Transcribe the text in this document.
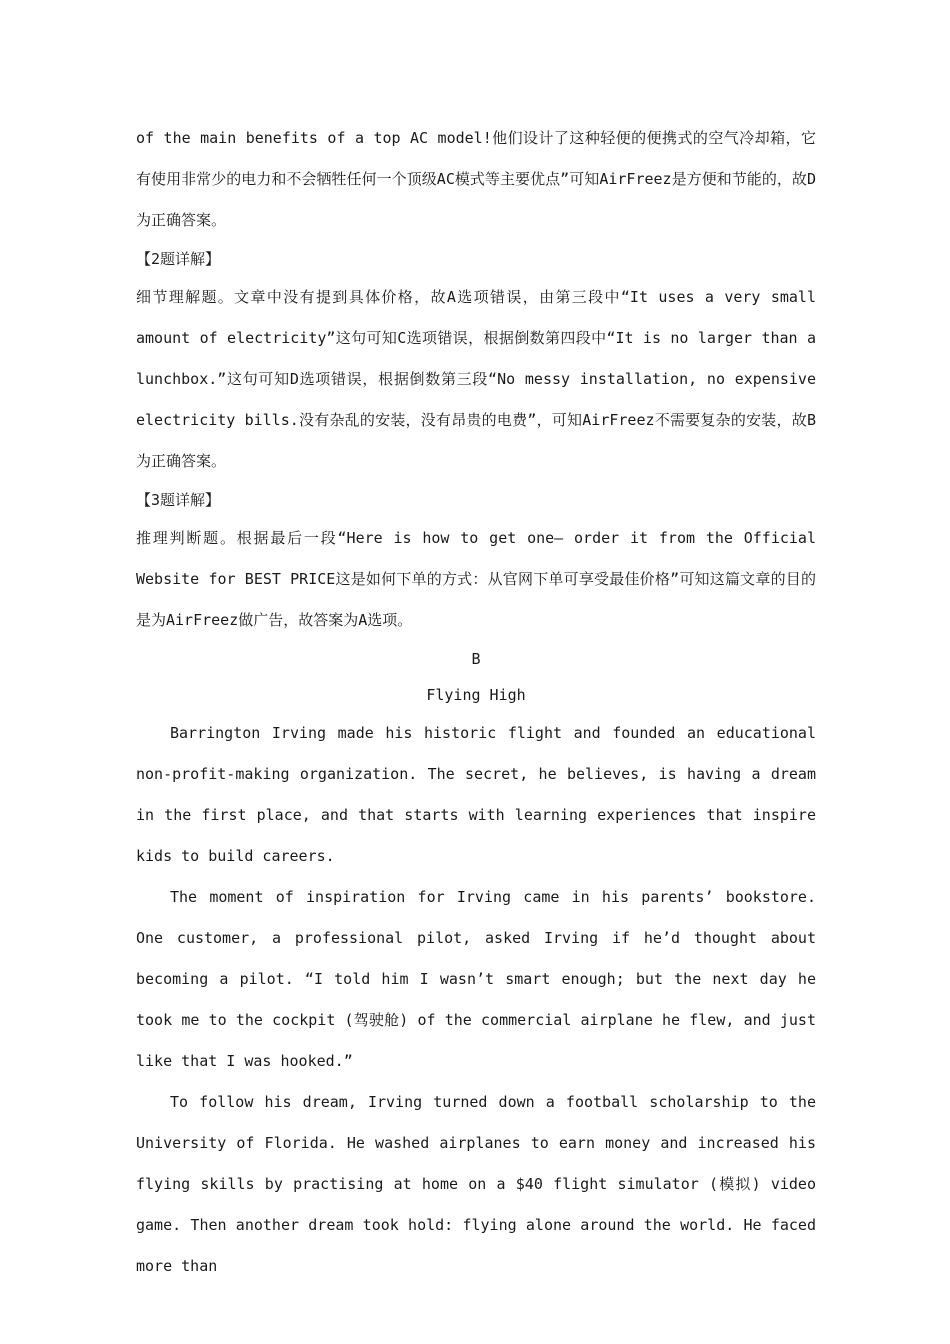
of the main benefits of a top AC model!他们设计了这种轻便的便携式的空气冷却箱，它有使用非常少的电力和不会牺牲任何一个顶级AC模式等主要优点”可知AirFreez是方便和节能的，故D为正确答案。

【2题详解】

细节理解题。文章中没有提到具体价格，故A选项错误，由第三段中“It uses a very small amount of electricity”这句可知C选项错误，根据倒数第四段中“It is no larger than a lunchbox.”这句可知D选项错误，根据倒数第三段“No messy installation, no expensive electricity bills.没有杂乱的安装，没有昂贵的电费”，可知AirFreez不需要复杂的安装，故B为正确答案。

【3题详解】

推理判断题。根据最后一段“Here is how to get one— order it from the Official Website for BEST PRICE这是如何下单的方式：从官网下单可享受最佳价格”可知这篇文章的目的是为AirFreez做广告，故答案为A选项。

B

Flying High

Barrington Irving made his historic flight and founded an educational non-profit-making organization. The secret, he believes, is having a dream in the first place, and that starts with learning experiences that inspire kids to build careers.

The moment of inspiration for Irving came in his parents’ bookstore. One customer, a professional pilot, asked Irving if he’d thought about becoming a pilot. “I told him I wasn’t smart enough; but the next day he took me to the cockpit (驾驶舱) of the commercial airplane he flew, and just like that I was hooked.”

To follow his dream, Irving turned down a football scholarship to the University of Florida. He washed airplanes to earn money and increased his flying skills by practising at home on a $40 flight simulator (模拟) video game. Then another dream took hold: flying alone around the world. He faced more than
